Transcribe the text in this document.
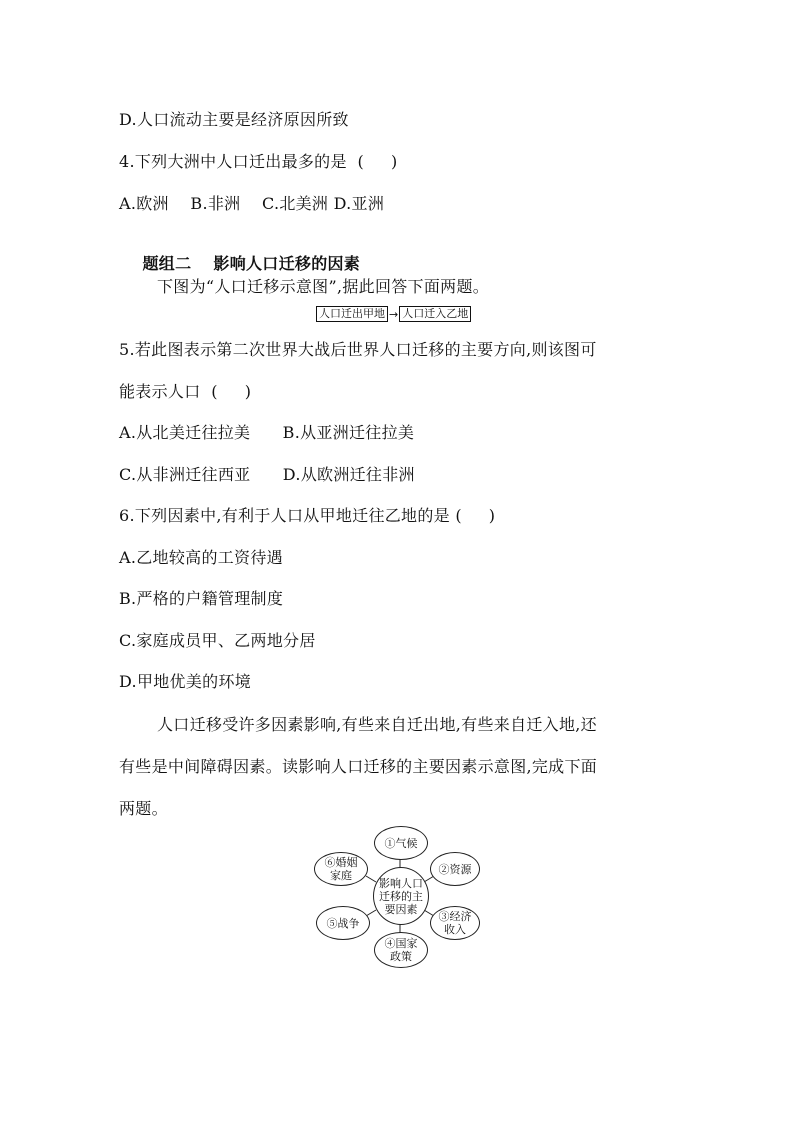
D.人口流动主要是经济原因所致
4.下列大洲中人口迁出最多的是  (     )
A.欧洲    B.非洲    C.北美洲 D.亚洲

题组二 影响人口迁移的因素

下图为“人口迁移示意图”,据此回答下面两题。
人口迁出甲地 → 人口迁入乙地
5.若此图表示第二次世界大战后世界人口迁移的主要方向,则该图可
能表示人口  (     )
A.从北美迁往拉美      B.从亚洲迁往拉美
C.从非洲迁往西亚      D.从欧洲迁往非洲
6.下列因素中,有利于人口从甲地迁往乙地的是 (     )
A.乙地较高的工资待遇
B.严格的户籍管理制度
C.家庭成员甲、乙两地分居
D.甲地优美的环境
人口迁移受许多因素影响,有些来自迁出地,有些来自迁入地,还
有些是中间障碍因素。读影响人口迁移的主要因素示意图,完成下面
两题。
影响人口
迁移的主
要因素
①气候
②资源
③经济
收入
④国家
政策
⑤战争
⑥婚姻
家庭
